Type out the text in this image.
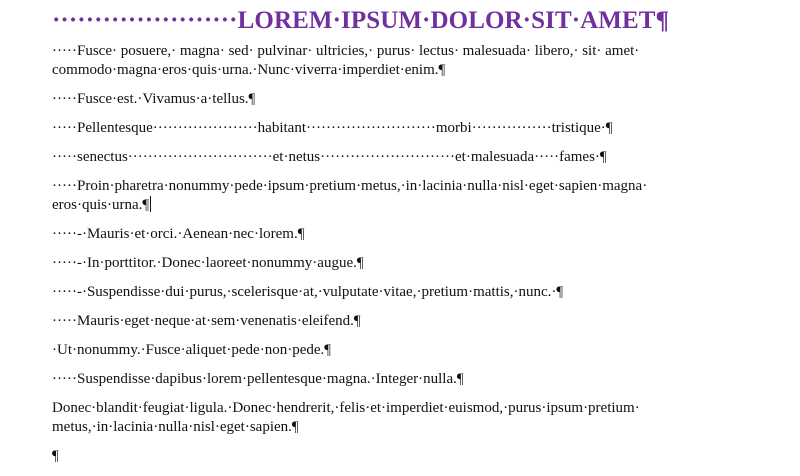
······················LOREM·IPSUM·DOLOR·SIT·AMET¶
·····Fusce· posuere,· magna· sed· pulvinar· ultricies,· purus· lectus· malesuada· libero,· sit· amet·
commodo·magna·eros·quis·urna.·Nunc·viverra·imperdiet·enim.¶
·····Fusce·est.·Vivamus·a·tellus.¶
·····Pellentesque·····················habitant··························morbi················tristique·¶
·····senectus·····························et·netus···························et·malesuada·····fames·¶
·····Proin·pharetra·nonummy·pede·ipsum·pretium·metus,·in·lacinia·nulla·nisl·eget·sapien·magna·
eros·quis·urna.¶
·····-·Mauris·et·orci.·Aenean·nec·lorem.¶
·····-·In·porttitor.·Donec·laoreet·nonummy·augue.¶
·····-·Suspendisse·dui·purus,·scelerisque·at,·vulputate·vitae,·pretium·mattis,·nunc.·¶
·····Mauris·eget·neque·at·sem·venenatis·eleifend.¶
·Ut·nonummy.·Fusce·aliquet·pede·non·pede.¶
·····Suspendisse·dapibus·lorem·pellentesque·magna.·Integer·nulla.¶
Donec·blandit·feugiat·ligula.·Donec·hendrerit,·felis·et·imperdiet·euismod,·purus·ipsum·pretium·
metus,·in·lacinia·nulla·nisl·eget·sapien.¶
¶
